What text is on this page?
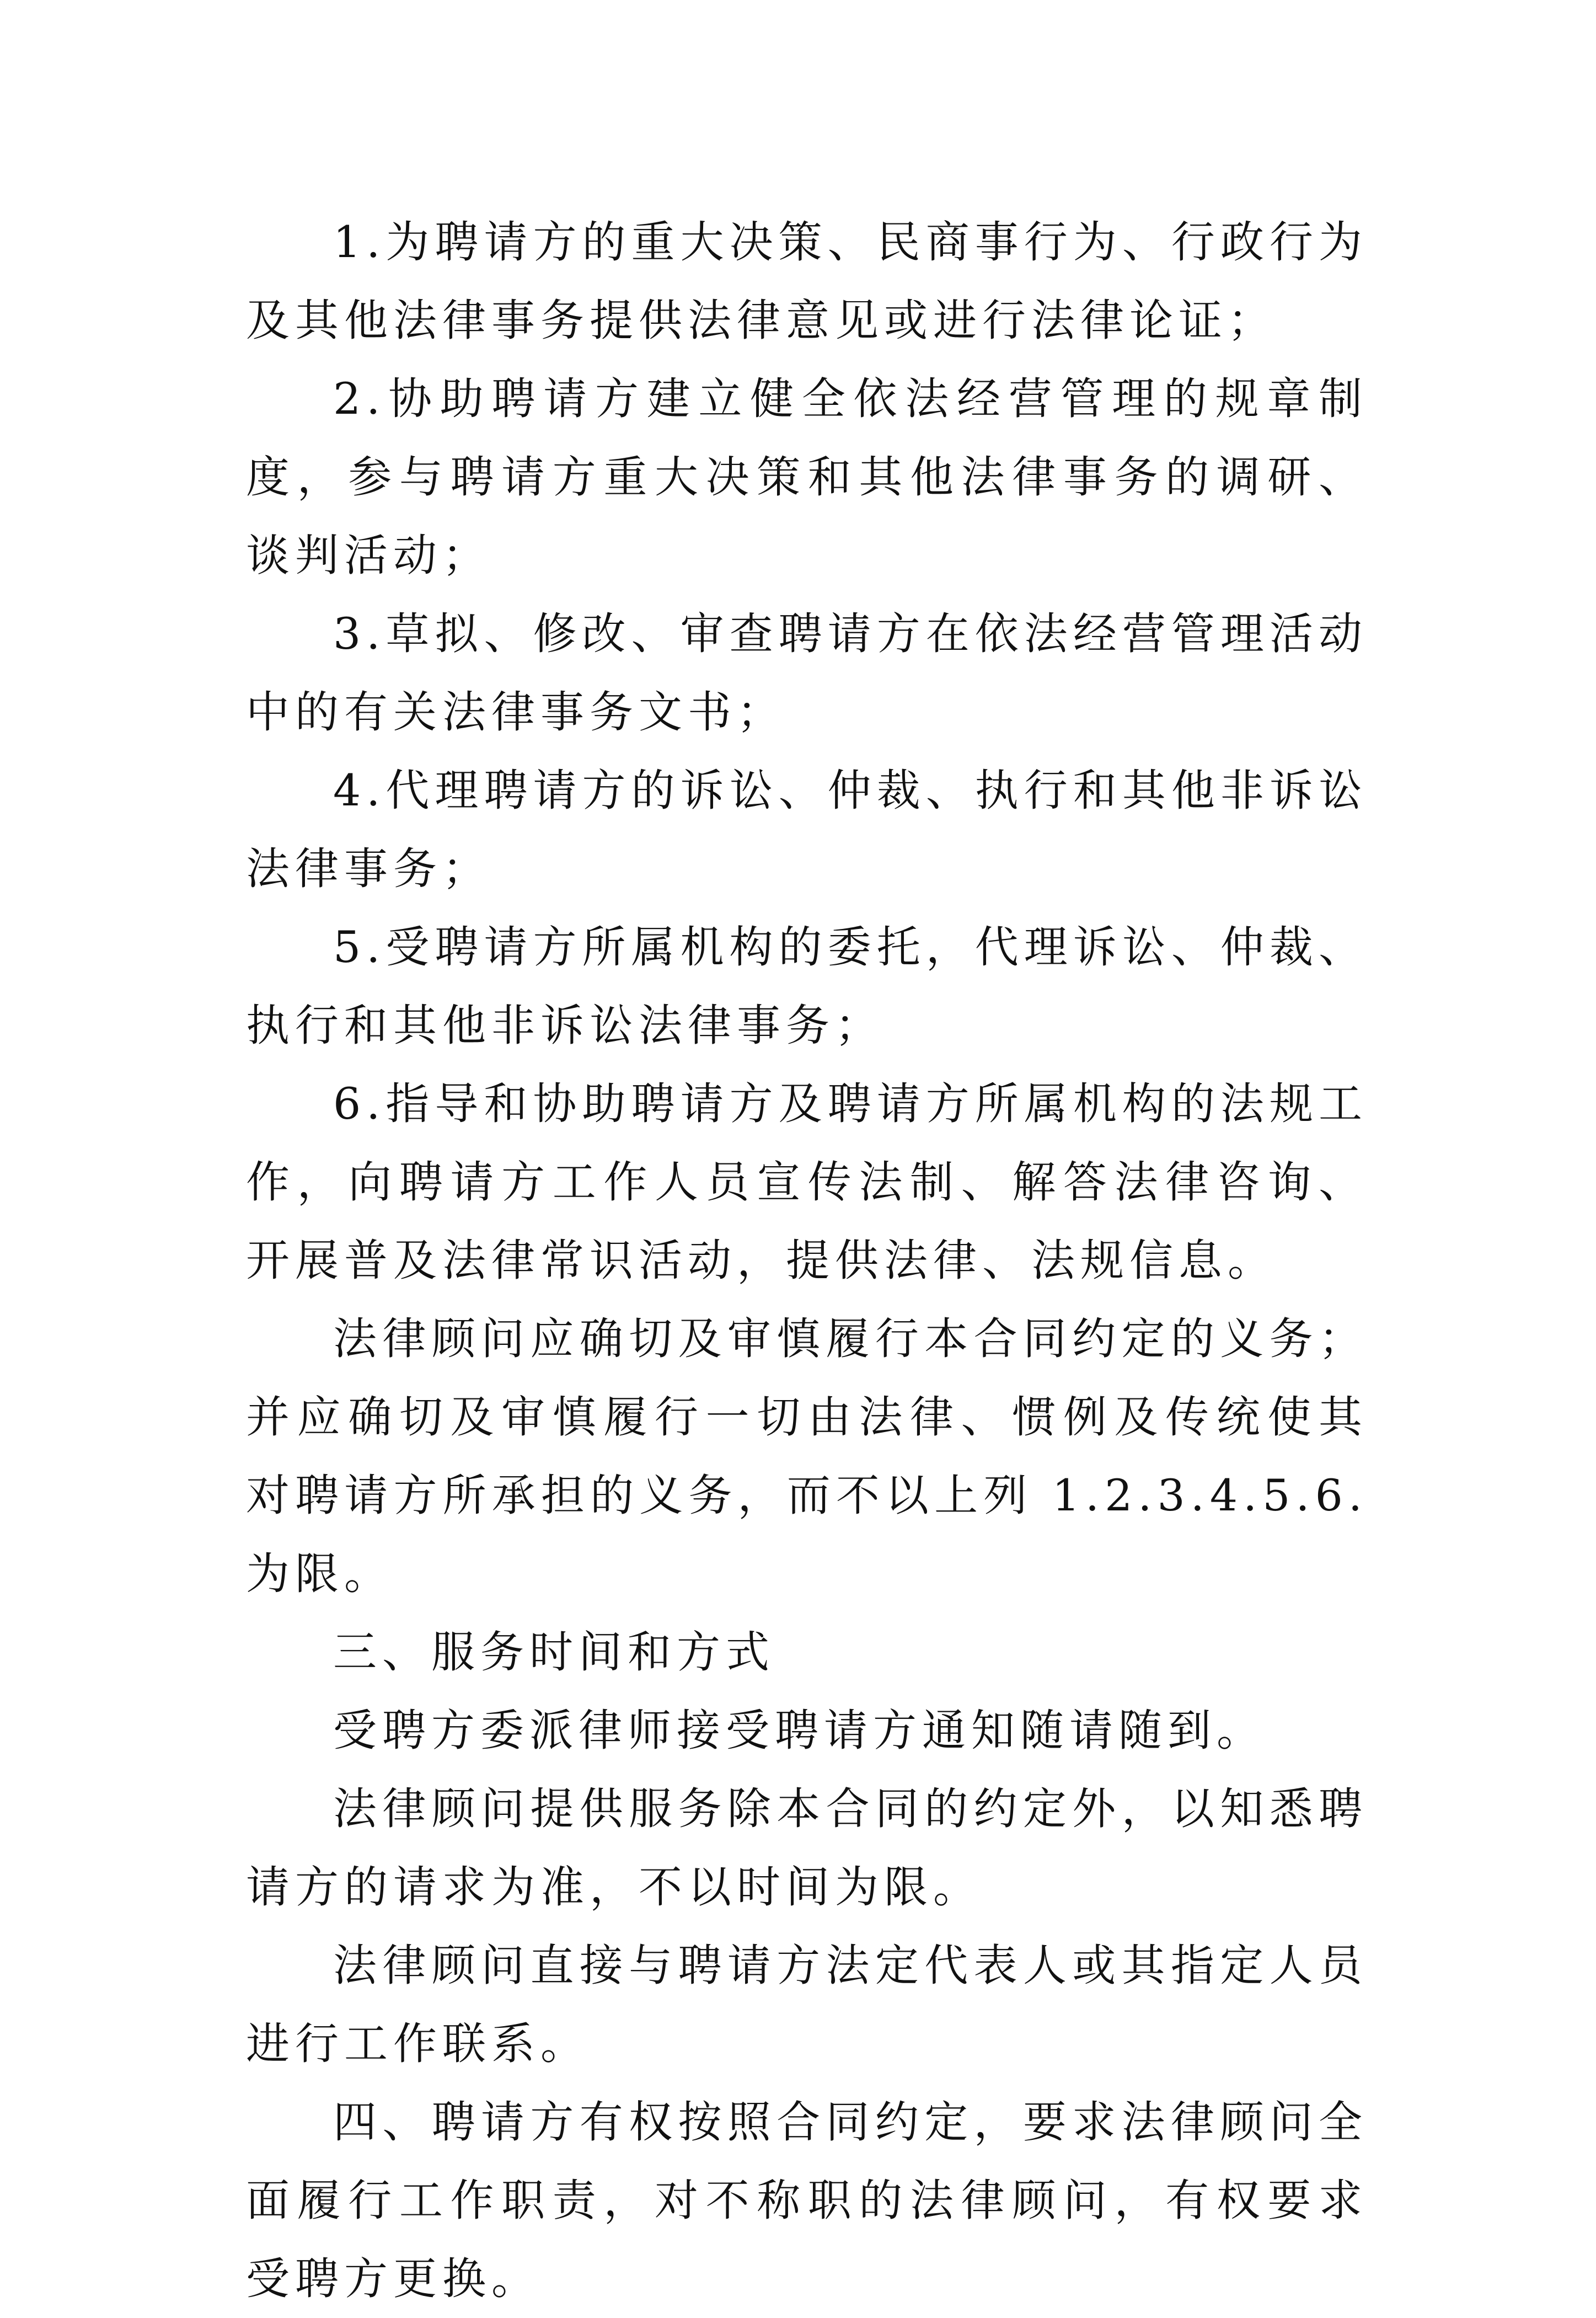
1.为聘请方的重大决策、民商事行为、行政行为及其他法律事务提供法律意见或进行法律论证；

2.协助聘请方建立健全依法经营管理的规章制度，参与聘请方重大决策和其他法律事务的调研、谈判活动；

3.草拟、修改、审查聘请方在依法经营管理活动中的有关法律事务文书；

4.代理聘请方的诉讼、仲裁、执行和其他非诉讼法律事务；

5.受聘请方所属机构的委托，代理诉讼、仲裁、执行和其他非诉讼法律事务；

6.指导和协助聘请方及聘请方所属机构的法规工作，向聘请方工作人员宣传法制、解答法律咨询、开展普及法律常识活动，提供法律、法规信息。

法律顾问应确切及审慎履行本合同约定的义务；并应确切及审慎履行一切由法律、惯例及传统使其对聘请方所承担的义务，而不以上列 1.2.3.4.5.6.为限。

三、服务时间和方式

受聘方委派律师接受聘请方通知随请随到。

法律顾问提供服务除本合同的约定外，以知悉聘请方的请求为准，不以时间为限。

法律顾问直接与聘请方法定代表人或其指定人员进行工作联系。

四、聘请方有权按照合同约定，要求法律顾问全面履行工作职责，对不称职的法律顾问，有权要求受聘方更换。
